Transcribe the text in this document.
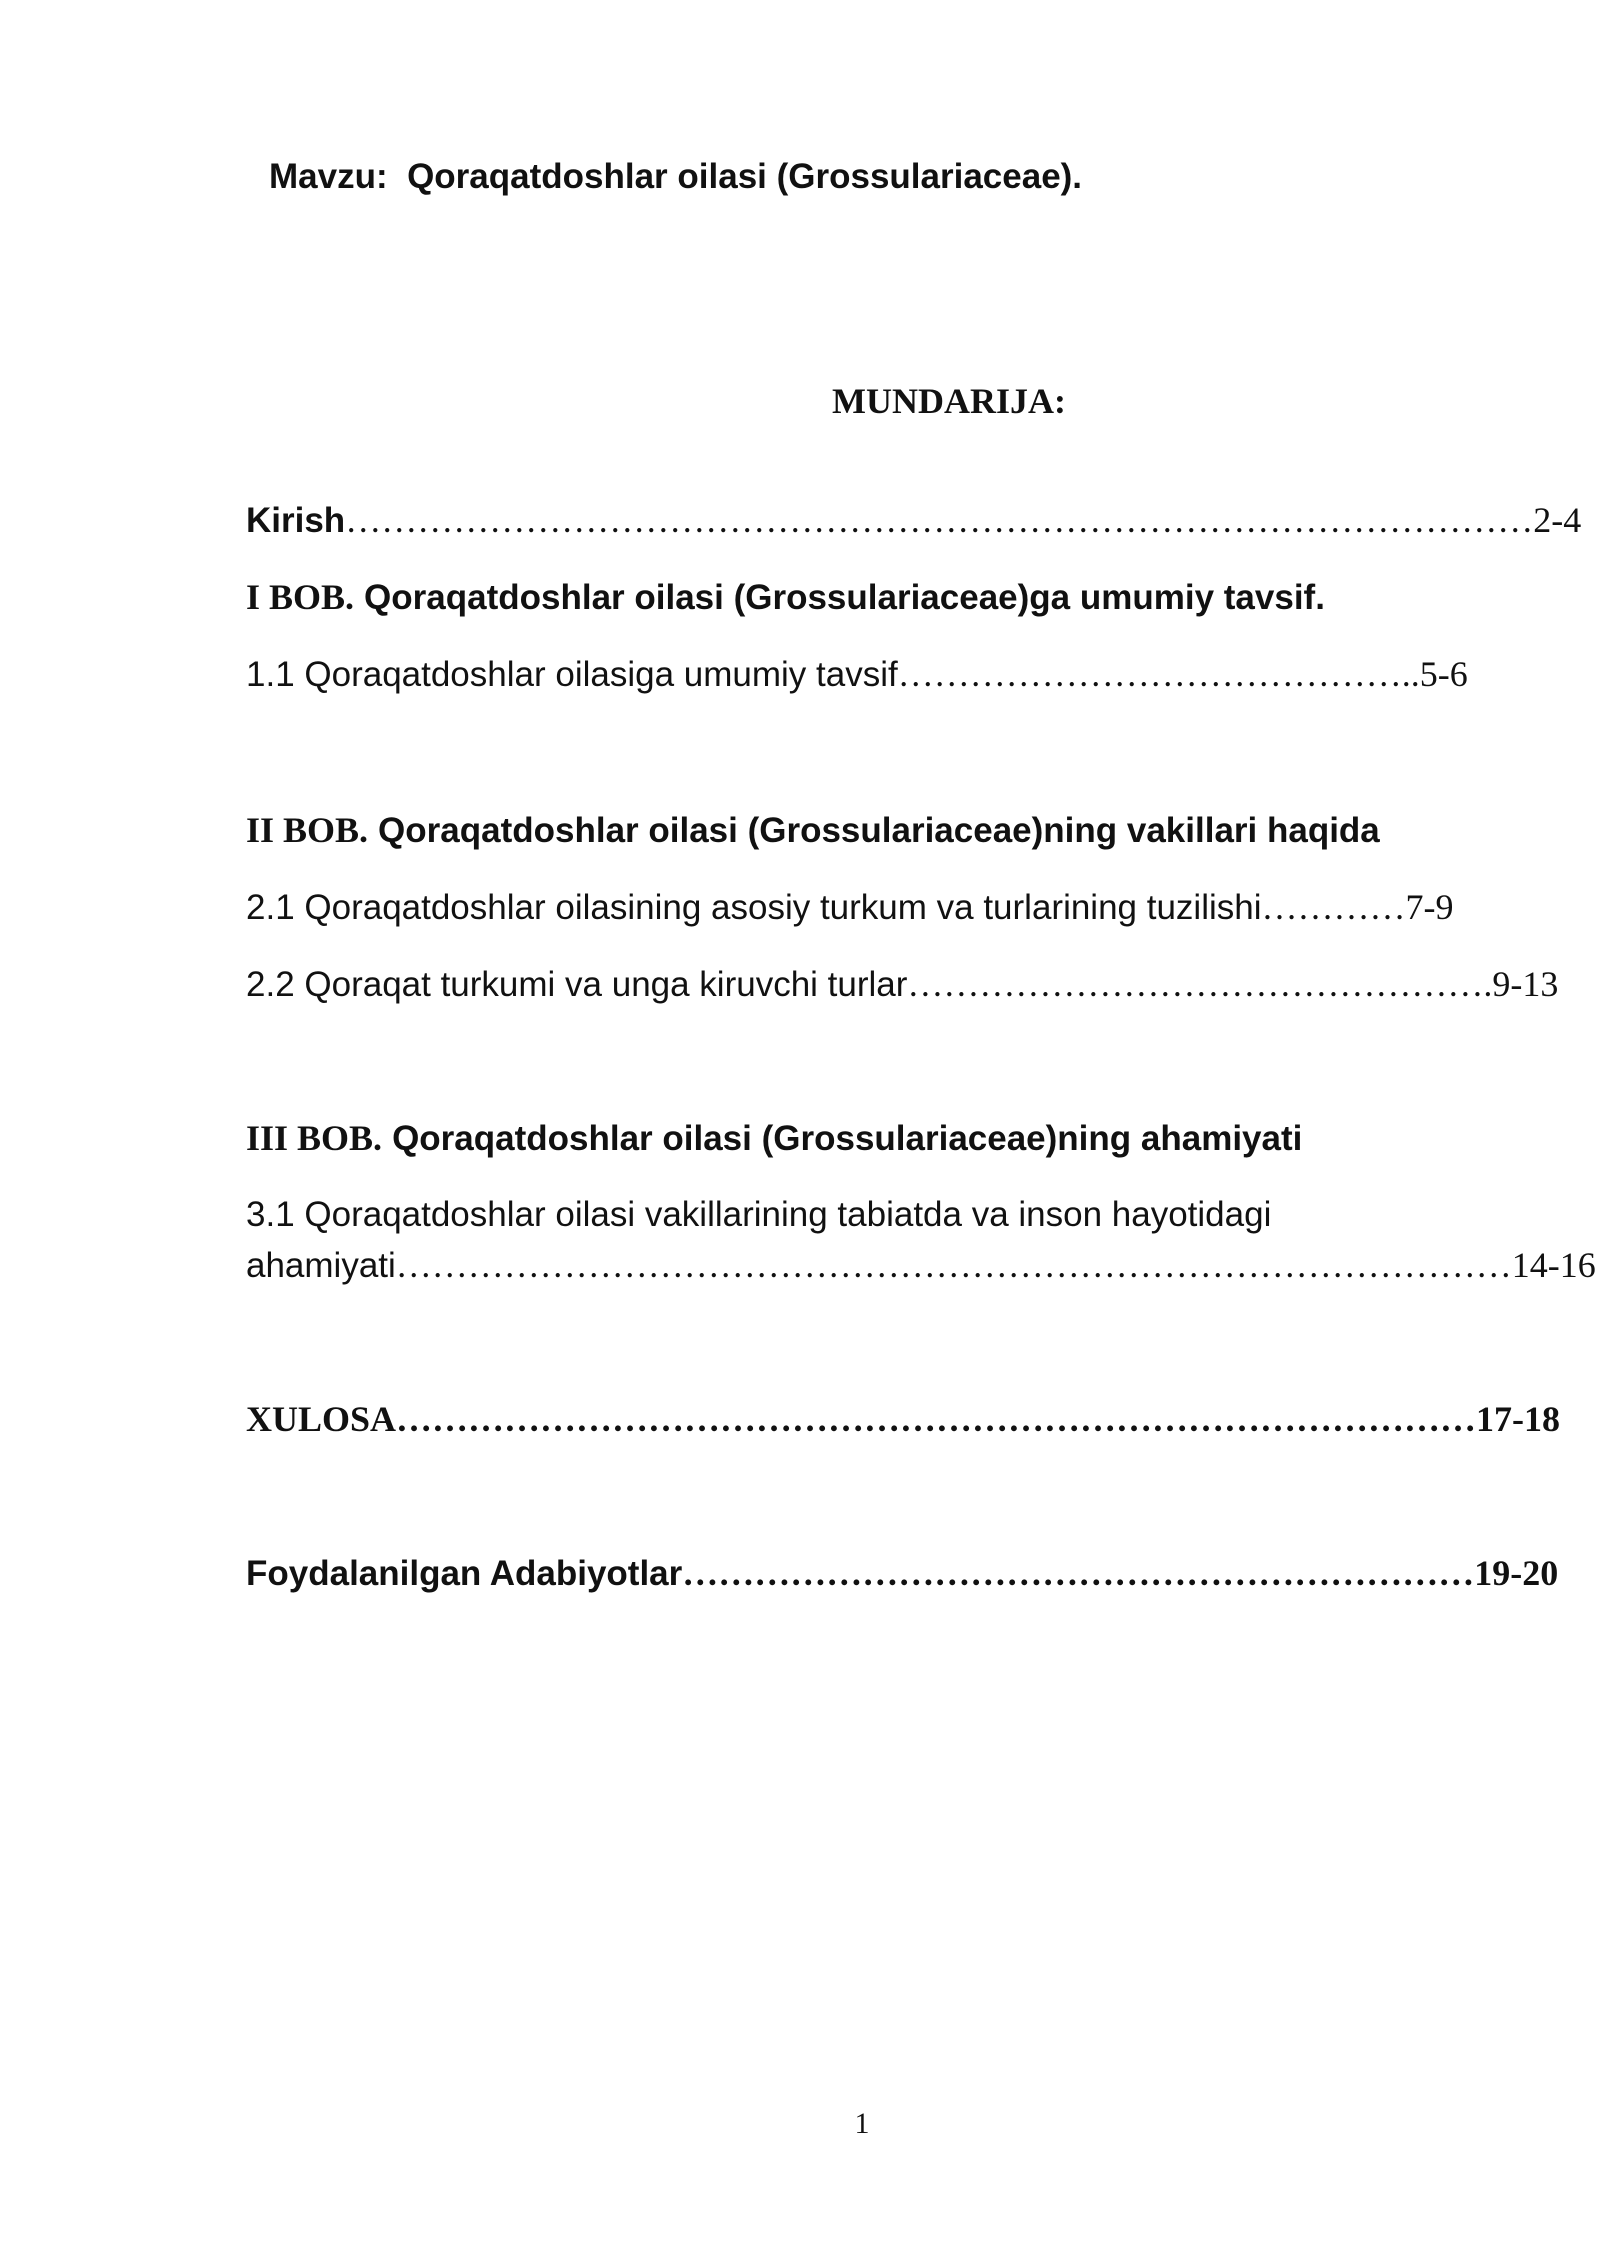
Mavzu:  Qoraqatdoshlar oilasi (Grossulariaceae).
MUNDARIJA:

Kirish………………………………………………………………………………………2-4

I BOB. Qoraqatdoshlar oilasi (Grossulariaceae)ga umumiy tavsif.

1.1 Qoraqatdoshlar oilasiga umumiy tavsif……………………………………..5-6

II BOB. Qoraqatdoshlar oilasi (Grossulariaceae)ning vakillari haqida

2.1 Qoraqatdoshlar oilasining asosiy turkum va turlarining tuzilishi…………7-9

2.2 Qoraqat turkumi va unga kiruvchi turlar………………………………………….9-13

III BOB. Qoraqatdoshlar oilasi (Grossulariaceae)ning ahamiyati

3.1 Qoraqatdoshlar oilasi vakillarining tabiatda va inson hayotidagi

ahamiyati…………………………………………………………………………………14-16

XULOSA………………………………………………………………………………17-18

Foydalanilgan Adabiyotlar…………………………………………………………19-20

1
